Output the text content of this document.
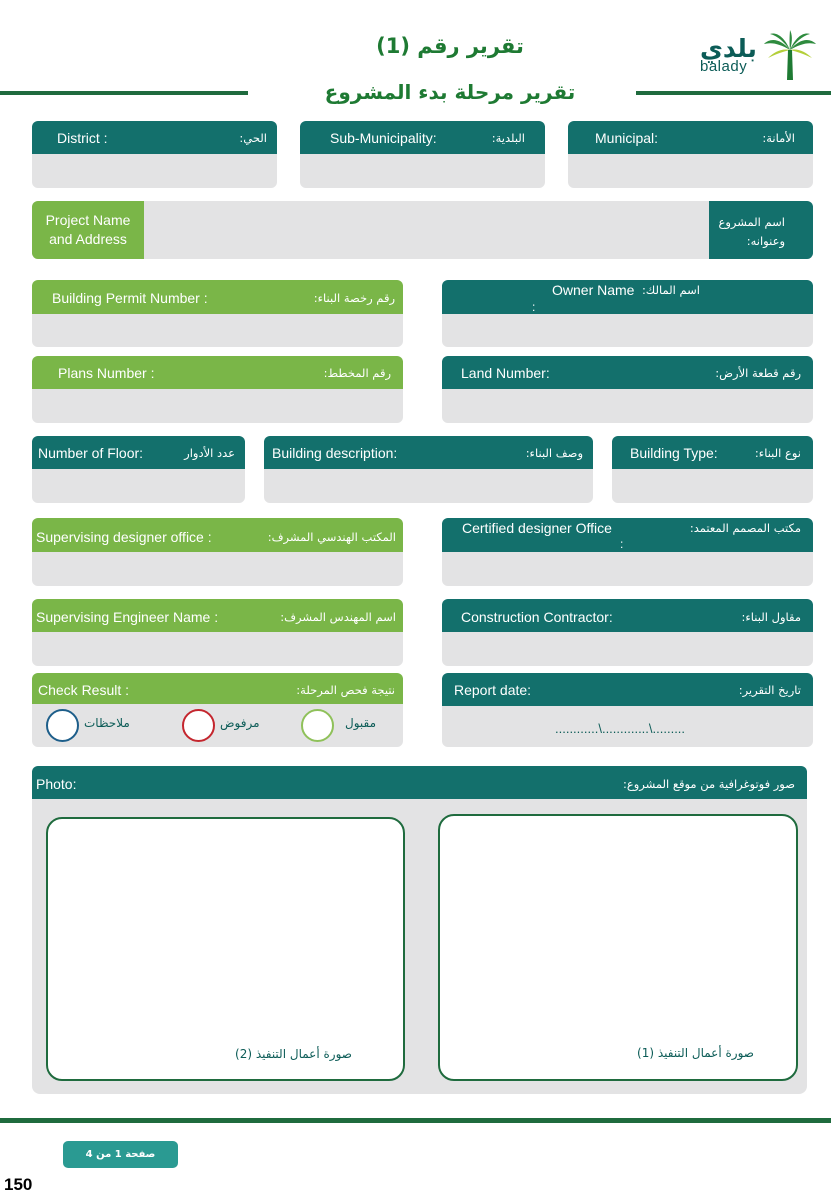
تقرير رقم (1)
تقرير مرحلة بدء المشروع
بلدي
balady
District :	الحي:	Sub-Municipality:	البلدية:	Municipal:	الأمانة:
Project Name
and Address
اسم المشروع
وعنوانه:
Building Permit Number :	رقم رخصة البناء:	Owner Name
:
اسم المالك:
Plans Number :	رقم المخطط:	Land Number:	رقم قطعة الأرض:
Number of Floor:	عدد الأدوار	Building description:	وصف البناء:	Building Type:	نوع البناء:
Supervising designer office :	المكتب الهندسي المشرف:
Certified designer Office
:
مكتب المصمم المعتمد:
Supervising Engineer Name :	اسم المهندس المشرف:	Construction Contractor:	مقاول البناء:
Check Result :	نتيجة فحص المرحلة:
ملاحظات	مرفوض	مقبول
Report date:	تاريخ التقرير:
............\.............\.........
Photo:	صور فوتوغرافية من موقع المشروع:
صورة أعمال التنفيذ (2)	صورة أعمال التنفيذ (1)
صفحة 1 من 4
150
